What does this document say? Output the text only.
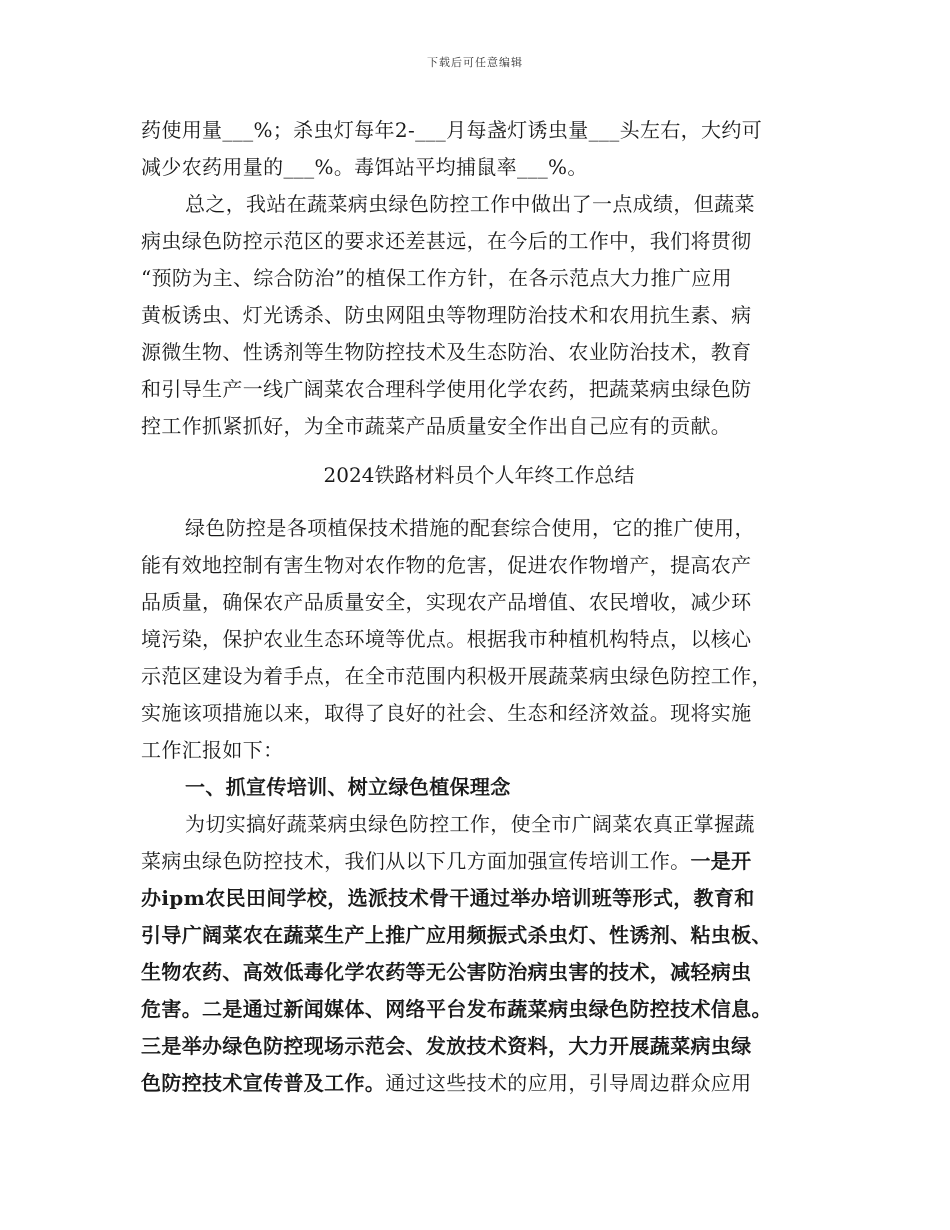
下载后可任意编辑
药使用量___%；杀虫灯每年2-___月每盏灯诱虫量___头左右，大约可
减少农药用量的___%。毒饵站平均捕鼠率___%。
总之，我站在蔬菜病虫绿色防控工作中做出了一点成绩，但蔬菜
病虫绿色防控示范区的要求还差甚远，在今后的工作中，我们将贯彻
“预防为主、综合防治”的植保工作方针，在各示范点大力推广应用
黄板诱虫、灯光诱杀、防虫网阻虫等物理防治技术和农用抗生素、病
源微生物、性诱剂等生物防控技术及生态防治、农业防治技术，教育
和引导生产一线广阔菜农合理科学使用化学农药，把蔬菜病虫绿色防
控工作抓紧抓好，为全市蔬菜产品质量安全作出自己应有的贡献。
2024铁路材料员个人年终工作总结
绿色防控是各项植保技术措施的配套综合使用，它的推广使用，
能有效地控制有害生物对农作物的危害，促进农作物增产，提高农产
品质量，确保农产品质量安全，实现农产品增值、农民增收，减少环
境污染，保护农业生态环境等优点。根据我市种植机构特点，以核心
示范区建设为着手点，在全市范围内积极开展蔬菜病虫绿色防控工作，
实施该项措施以来，取得了良好的社会、生态和经济效益。现将实施
工作汇报如下：
一、抓宣传培训、树立绿色植保理念
为切实搞好蔬菜病虫绿色防控工作，使全市广阔菜农真正掌握蔬
菜病虫绿色防控技术，我们从以下几方面加强宣传培训工作。一是开
办ipm农民田间学校，选派技术骨干通过举办培训班等形式，教育和
引导广阔菜农在蔬菜生产上推广应用频振式杀虫灯、性诱剂、粘虫板、
生物农药、高效低毒化学农药等无公害防治病虫害的技术，减轻病虫
危害。二是通过新闻媒体、网络平台发布蔬菜病虫绿色防控技术信息。
三是举办绿色防控现场示范会、发放技术资料，大力开展蔬菜病虫绿
色防控技术宣传普及工作。通过这些技术的应用，引导周边群众应用
